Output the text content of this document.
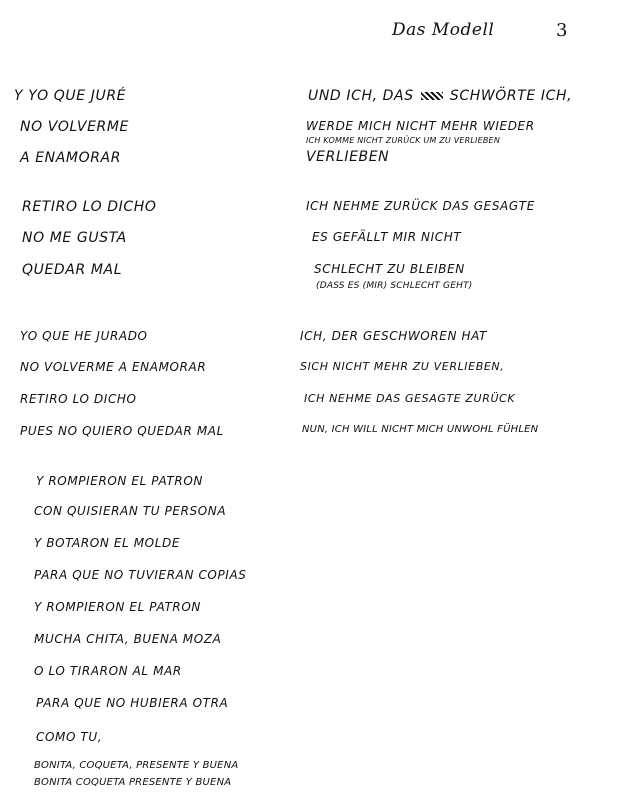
Das Modell	3
Y YO QUE JURÉ
NO VOLVERME
A ENAMORAR
UND ICH, DAS	SCHWÖRTE ICH,
WERDE MICH NICHT MEHR WIEDER
ICH KOMME NICHT ZURÜCK UM ZU VERLIEBEN
VERLIEBEN
RETIRO LO DICHO
NO ME GUSTA
QUEDAR MAL
ICH NEHME ZURÜCK DAS GESAGTE
ES GEFÄLLT MIR NICHT
SCHLECHT ZU BLEIBEN
(DASS ES (MIR) SCHLECHT GEHT)
YO QUE HE JURADO
NO VOLVERME A ENAMORAR
RETIRO LO DICHO
PUES NO QUIERO QUEDAR MAL
ICH, DER GESCHWOREN HAT
SICH NICHT MEHR ZU VERLIEBEN,
ICH NEHME DAS GESAGTE ZURÜCK
NUN, ICH WILL NICHT MICH UNWOHL FÜHLEN
Y ROMPIERON EL PATRON
CON QUISIERAN TU PERSONA
Y BOTARON EL MOLDE
PARA QUE NO TUVIERAN COPIAS
Y ROMPIERON EL PATRON
MUCHA CHITA, BUENA MOZA
O LO TIRARON AL MAR
PARA QUE NO HUBIERA OTRA
COMO TU,
BONITA, COQUETA, PRESENTE Y BUENA
BONITA COQUETA PRESENTE Y BUENA
